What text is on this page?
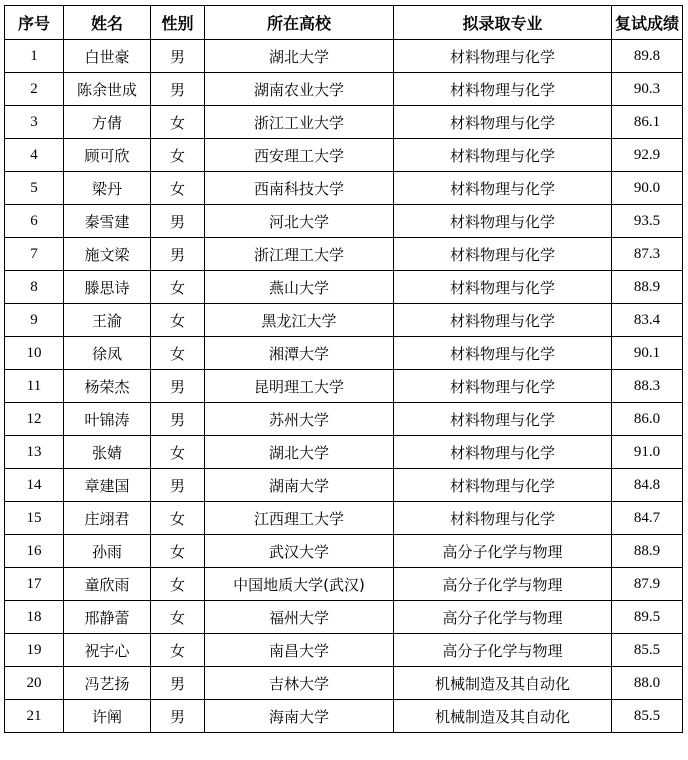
序号	姓名	性别	所在高校	拟录取专业	复试成绩
1	白世豪	男	湖北大学	材料物理与化学	89.8
2	陈余世成	男	湖南农业大学	材料物理与化学	90.3
3	方倩	女	浙江工业大学	材料物理与化学	86.1
4	顾可欣	女	西安理工大学	材料物理与化学	92.9
5	梁丹	女	西南科技大学	材料物理与化学	90.0
6	秦雪建	男	河北大学	材料物理与化学	93.5
7	施文梁	男	浙江理工大学	材料物理与化学	87.3
8	滕思诗	女	燕山大学	材料物理与化学	88.9
9	王渝	女	黑龙江大学	材料物理与化学	83.4
10	徐凤	女	湘潭大学	材料物理与化学	90.1
11	杨荣杰	男	昆明理工大学	材料物理与化学	88.3
12	叶锦涛	男	苏州大学	材料物理与化学	86.0
13	张婧	女	湖北大学	材料物理与化学	91.0
14	章建国	男	湖南大学	材料物理与化学	84.8
15	庄翊君	女	江西理工大学	材料物理与化学	84.7
16	孙雨	女	武汉大学	高分子化学与物理	88.9
17	童欣雨	女	中国地质大学(武汉)	高分子化学与物理	87.9
18	邢静蕾	女	福州大学	高分子化学与物理	89.5
19	祝宇心	女	南昌大学	高分子化学与物理	85.5
20	冯艺扬	男	吉林大学	机械制造及其自动化	88.0
21	许阐	男	海南大学	机械制造及其自动化	85.5
